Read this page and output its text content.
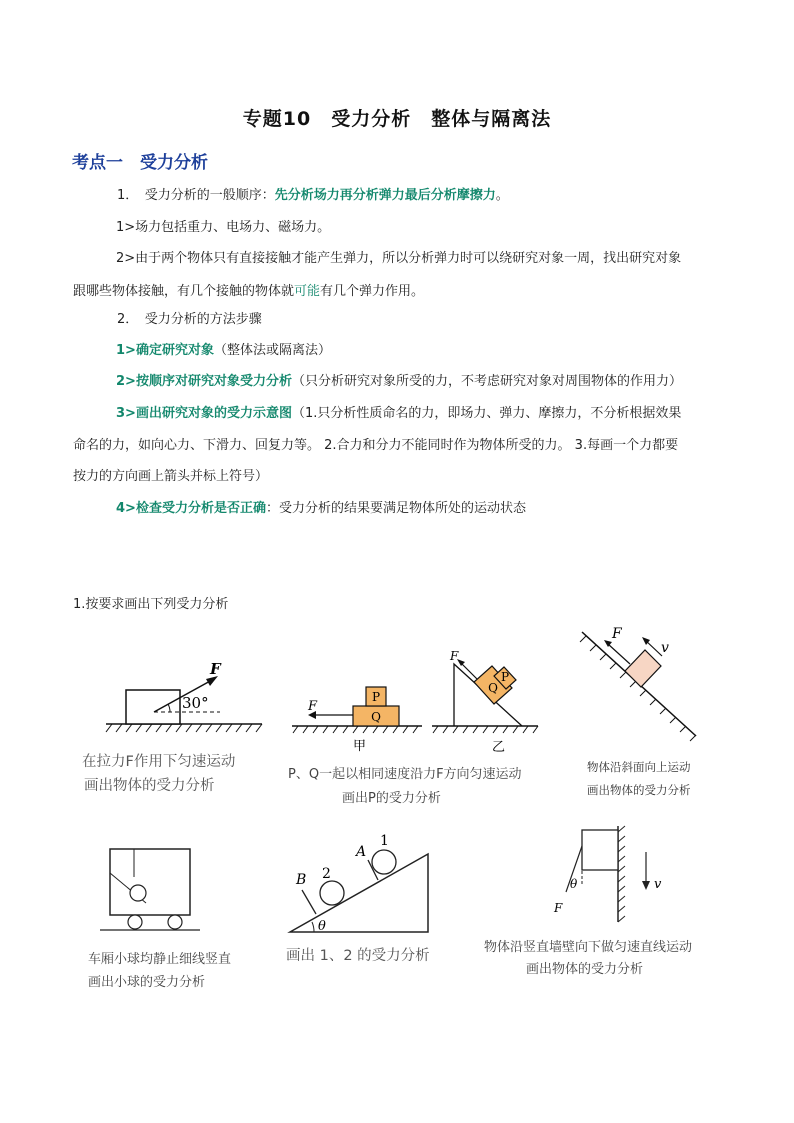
专题10　受力分析　整体与隔离法
考点一　受力分析
1．　受力分析的一般顺序：先分析场力再分析弹力最后分析摩擦力。
1>场力包括重力、电场力、磁场力。
2>由于两个物体只有直接接触才能产生弹力，所以分析弹力时可以绕研究对象一周，找出研究对象
跟哪些物体接触，有几个接触的物体就可能有几个弹力作用。
2．　受力分析的方法步骤
1>确定研究对象（整体法或隔离法）
2>按顺序对研究对象受力分析（只分析研究对象所受的力，不考虑研究对象对周围物体的作用力）
3>画出研究对象的受力示意图（1.只分析性质命名的力，即场力、弹力、摩擦力，不分析根据效果
命名的力，如向心力、下滑力、回复力等。 2.合力和分力不能同时作为物体所受的力。 3.每画一个力都要
按力的方向画上箭头并标上符号）
4>检查受力分析是否正确：受力分析的结果要满足物体所处的运动状态
1.按要求画出下列受力分析
F
30°
在拉力F作用下匀速运动
画出物体的受力分析
F
P
Q
甲
F
P
Q
乙
P、Q一起以相同速度沿力F方向匀速运动
画出P的受力分析
F
v
物体沿斜面向上运动
画出物体的受力分析
车厢小球均静止细线竖直
画出小球的受力分析
B
A
2
1
θ
画出 1、2 的受力分析
θ
F
v
物体沿竖直墙壁向下做匀速直线运动
画出物体的受力分析
